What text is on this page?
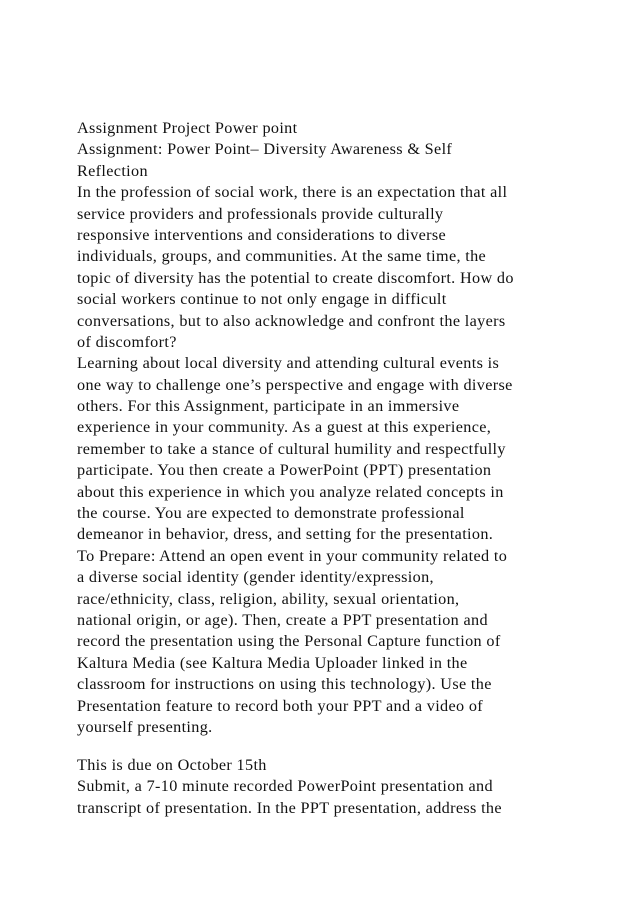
Assignment Project Power point
Assignment: Power Point– Diversity Awareness & Self
Reflection
In the profession of social work, there is an expectation that all
service providers and professionals provide culturally
responsive interventions and considerations to diverse
individuals, groups, and communities. At the same time, the
topic of diversity has the potential to create discomfort. How do
social workers continue to not only engage in difficult
conversations, but to also acknowledge and confront the layers
of discomfort?
Learning about local diversity and attending cultural events is
one way to challenge one’s perspective and engage with diverse
others. For this Assignment, participate in an immersive
experience in your community. As a guest at this experience,
remember to take a stance of cultural humility and respectfully
participate. You then create a PowerPoint (PPT) presentation
about this experience in which you analyze related concepts in
the course. You are expected to demonstrate professional
demeanor in behavior, dress, and setting for the presentation.
To Prepare: Attend an open event in your community related to
a diverse social identity (gender identity/expression,
race/ethnicity, class, religion, ability, sexual orientation,
national origin, or age). Then, create a PPT presentation and
record the presentation using the Personal Capture function of
Kaltura Media (see Kaltura Media Uploader linked in the
classroom for instructions on using this technology). Use the
Presentation feature to record both your PPT and a video of
yourself presenting.
This is due on October 15th
Submit, a 7-10 minute recorded PowerPoint presentation and
transcript of presentation. In the PPT presentation, address the
